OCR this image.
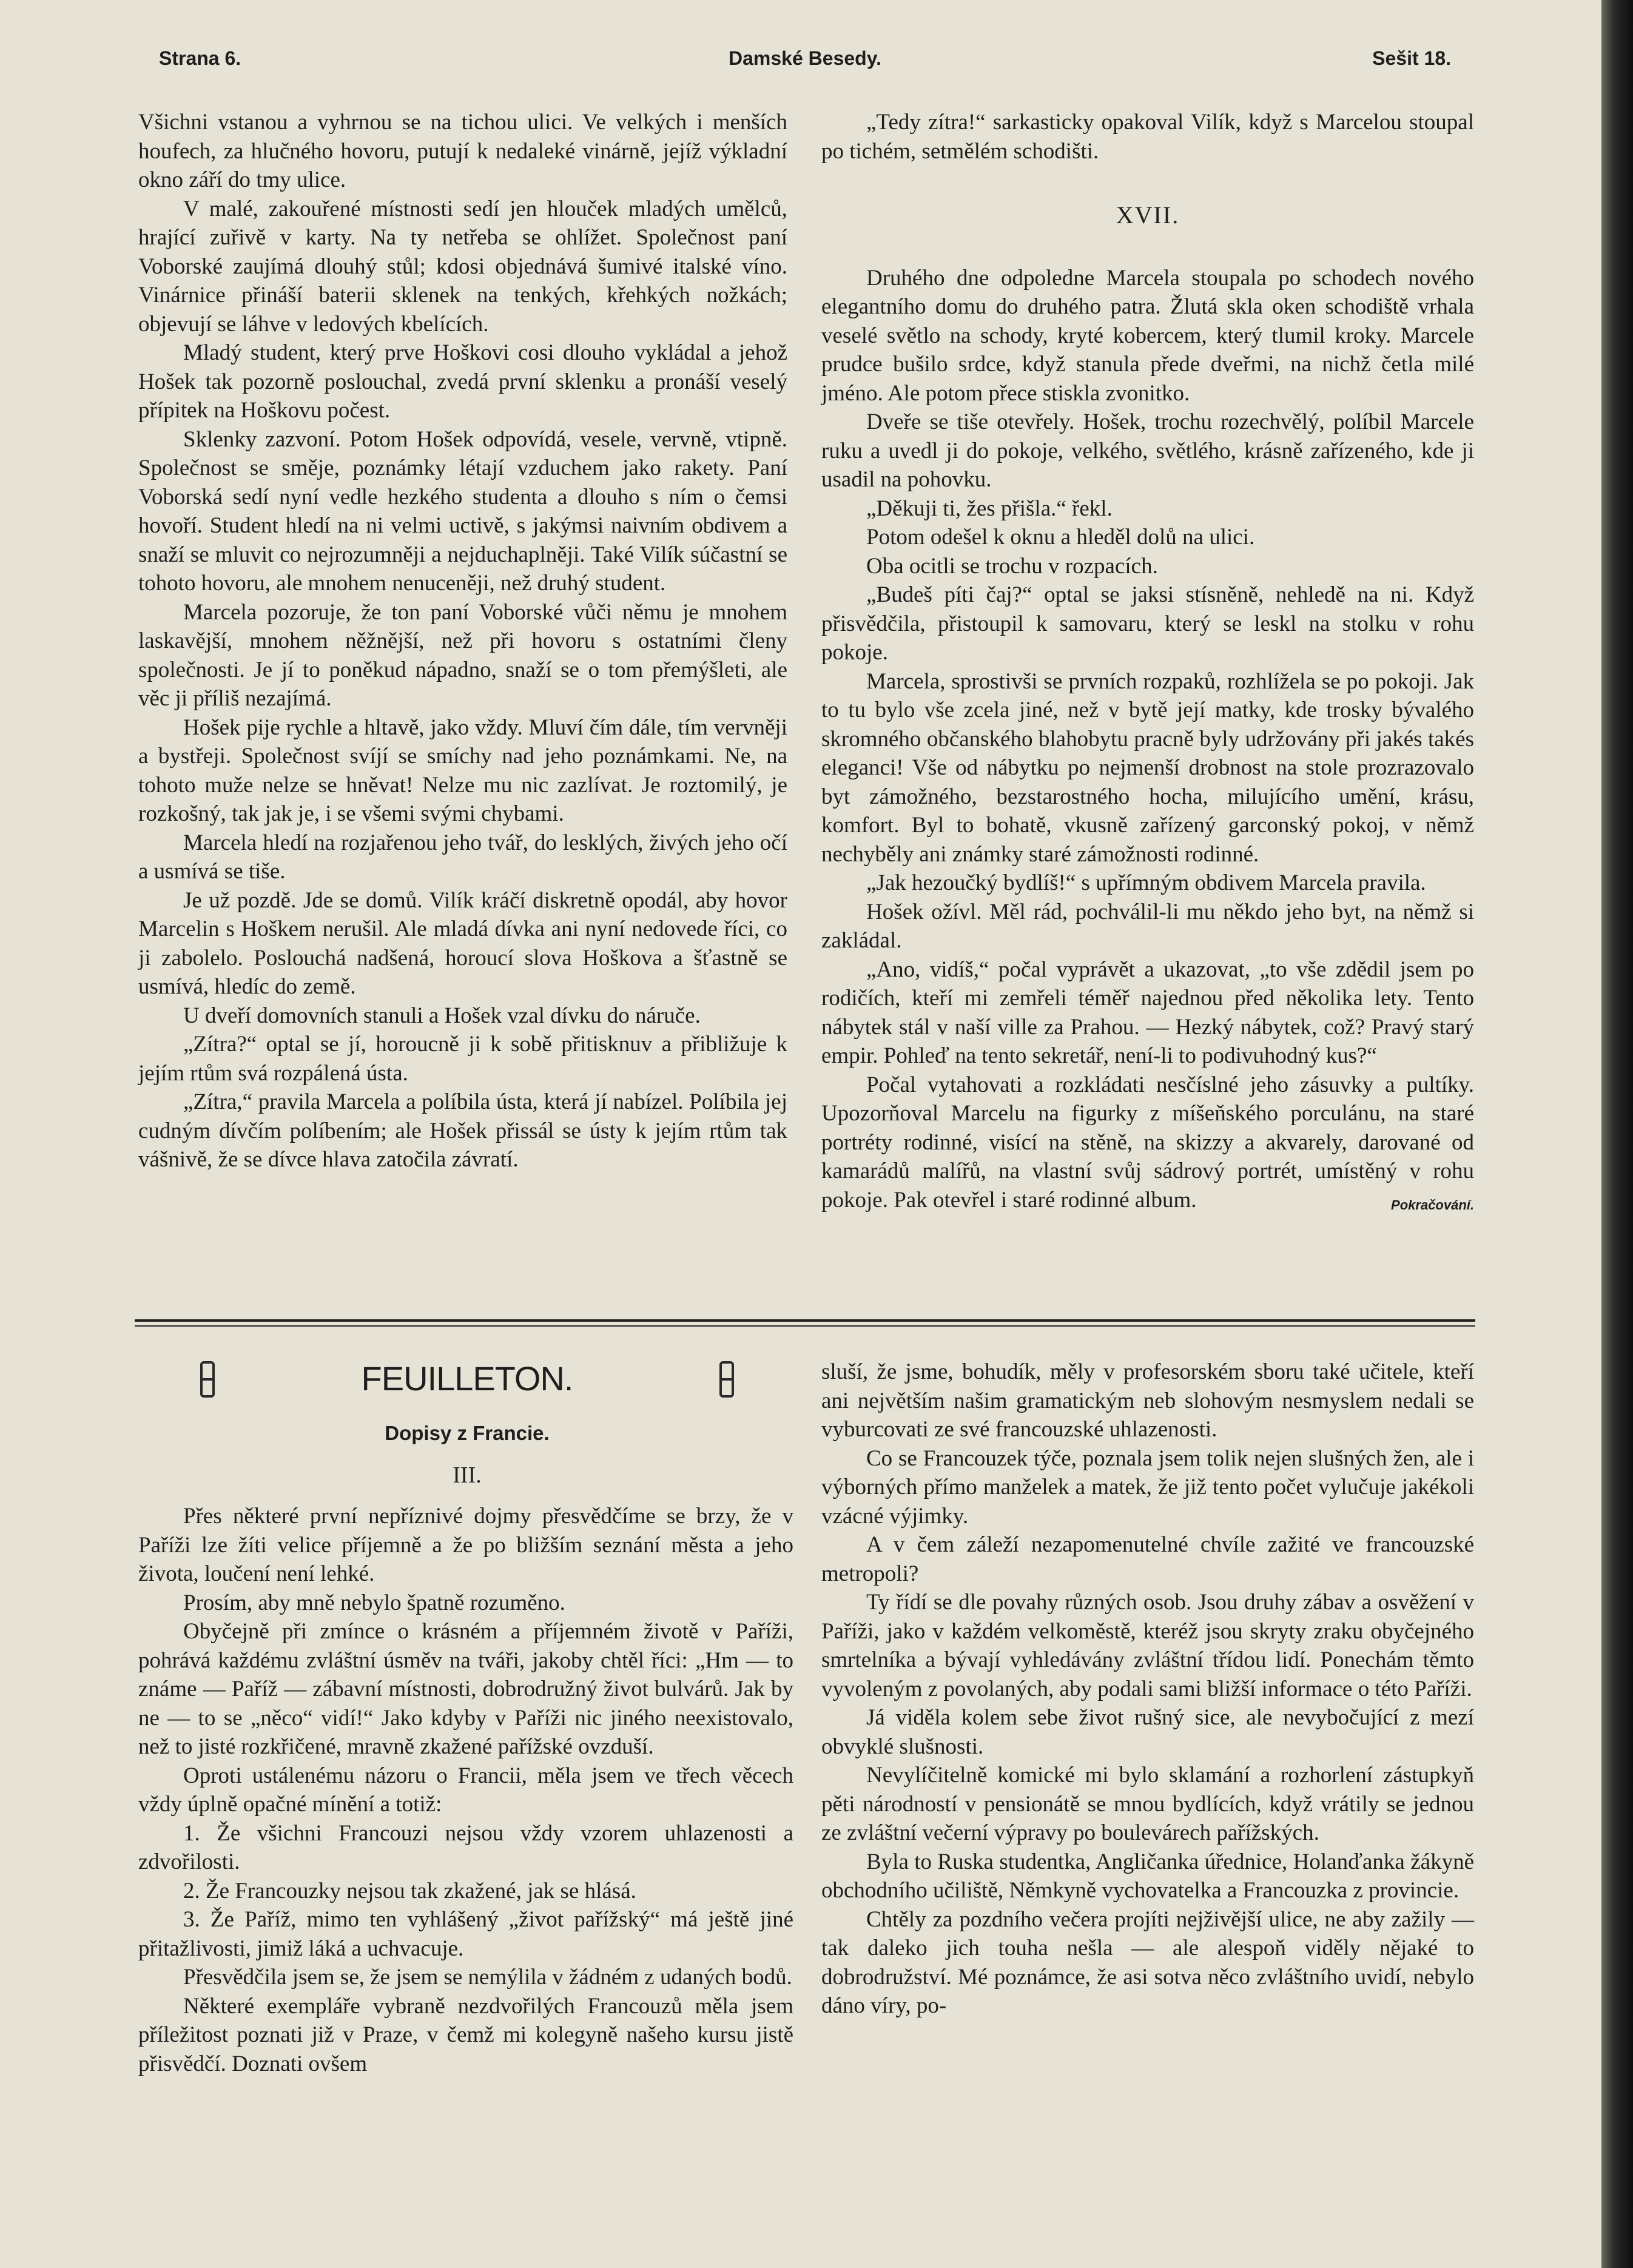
Damské Besedy.
Strana 6.	Sešit 18.

Všichni vstanou a vyhrnou se na tichou ulici. Ve velkých i menších houfech, za hlučného hovoru, putují k nedaleké vinárně, jejíž výkladní okno září do tmy ulice.

V malé, zakouřené místnosti sedí jen hlouček mladých umělců, hrající zuřivě v karty. Na ty netřeba se ohlížet. Společnost paní Voborské zaujímá dlouhý stůl; kdosi objednává šumivé italské víno. Vinárnice přináší baterii sklenek na tenkých, křehkých nožkách; objevují se láhve v ledových kbelících.

Mladý student, který prve Hoškovi cosi dlouho vykládal a jehož Hošek tak pozorně poslouchal, zvedá první sklenku a pronáší veselý přípitek na Hoškovu počest.

Sklenky zazvoní. Potom Hošek odpovídá, vesele, vervně, vtipně. Společnost se směje, poznámky létají vzduchem jako rakety. Paní Voborská sedí nyní vedle hezkého studenta a dlouho s ním o čemsi hovoří. Student hledí na ni velmi uctivě, s jakýmsi naivním obdivem a snaží se mluvit co nejrozumněji a nejduchaplněji. Také Vilík súčastní se tohoto hovoru, ale mnohem nenuceněji, než druhý student.

Marcela pozoruje, že ton paní Voborské vůči němu je mnohem laskavější, mnohem něžnější, než při hovoru s ostatními členy společnosti. Je jí to poněkud nápadno, snaží se o tom přemýšleti, ale věc ji příliš nezajímá.

Hošek pije rychle a hltavě, jako vždy. Mluví čím dále, tím vervněji a bystřeji. Společnost svíjí se smíchy nad jeho poznámkami. Ne, na tohoto muže nelze se hněvat! Nelze mu nic zazlívat. Je roztomilý, je rozkošný, tak jak je, i se všemi svými chybami.

Marcela hledí na rozjařenou jeho tvář, do lesklých, živých jeho očí a usmívá se tiše.

Je už pozdě. Jde se domů. Vilík kráčí diskretně opodál, aby hovor Marcelin s Hoškem nerušil. Ale mladá dívka ani nyní nedovede říci, co ji zabolelo. Poslouchá nadšená, horoucí slova Hoškova a šťastně se usmívá, hledíc do země.

U dveří domovních stanuli a Hošek vzal dívku do náruče.

„Zítra?“ optal se jí, horoucně ji k sobě přitisknuv a přibližuje k jejím rtům svá rozpálená ústa.

„Zítra,“ pravila Marcela a políbila ústa, která jí nabízel. Políbila jej cudným dívčím políbením; ale Hošek přissál se ústy k jejím rtům tak vášnivě, že se dívce hlava zatočila závratí.

„Tedy zítra!“ sarkasticky opakoval Vilík, když s Marcelou stoupal po tichém, setmělém schodišti.

XVII.

Druhého dne odpoledne Marcela stoupala po schodech nového elegantního domu do druhého patra. Žlutá skla oken schodiště vrhala veselé světlo na schody, kryté kobercem, který tlumil kroky. Marcele prudce bušilo srdce, když stanula přede dveřmi, na nichž četla milé jméno. Ale potom přece stiskla zvonitko.

Dveře se tiše otevřely. Hošek, trochu rozechvělý, políbil Marcele ruku a uvedl ji do pokoje, velkého, světlého, krásně zařízeného, kde ji usadil na pohovku.

„Děkuji ti, žes přišla.“ řekl.

Potom odešel k oknu a hleděl dolů na ulici.

Oba ocitli se trochu v rozpacích.

„Budeš píti čaj?“ optal se jaksi stísněně, nehledě na ni. Když přisvědčila, přistoupil k samovaru, který se leskl na stolku v rohu pokoje.

Marcela, sprostivši se prvních rozpaků, rozhlížela se po pokoji. Jak to tu bylo vše zcela jiné, než v bytě její matky, kde trosky bývalého skromného občanského blahobytu pracně byly udržovány při jakés takés eleganci! Vše od nábytku po nejmenší drobnost na stole prozrazovalo byt zámožného, bezstarostného hocha, milujícího umění, krásu, komfort. Byl to bohatě, vkusně zařízený garconský pokoj, v němž nechyběly ani známky staré zámožnosti rodinné.

„Jak hezoučký bydlíš!“ s upřímným obdivem Marcela pravila.

Hošek ožívl. Měl rád, pochválil-li mu někdo jeho byt, na němž si zakládal.

„Ano, vidíš,“ počal vyprávět a ukazovat, „to vše zdědil jsem po rodičích, kteří mi zemřeli téměř najednou před několika lety. Tento nábytek stál v naší ville za Prahou. — Hezký nábytek, což? Pravý starý empir. Pohleď na tento sekretář, není-li to podivuhodný kus?“

Počal vytahovati a rozkládati nesčíslné jeho zásuvky a pultíky. Upozorňoval Marcelu na figurky z míšeňského porculánu, na staré portréty rodinné, visící na stěně, na skizzy a akvarely, darované od kamarádů malířů, na vlastní svůj sádrový portrét, umístěný v rohu pokoje. Pak otevřel i staré rodinné album.	Pokračování.

FEUILLETON.
Dopisy z Francie.
III.

Přes některé první nepříznivé dojmy přesvědčíme se brzy, že v Paříži lze žíti velice příjemně a že po bližším seznání města a jeho života, loučení není lehké.

Prosím, aby mně nebylo špatně rozuměno.

Obyčejně při zmínce o krásném a příjemném životě v Paříži, pohrává každému zvláštní úsměv na tváři, jakoby chtěl říci: „Hm — to známe — Paříž — zábavní místnosti, dobrodružný život bulvárů. Jak by ne — to se „něco“ vidí!“ Jako kdyby v Paříži nic jiného neexistovalo, než to jisté rozkřičené, mravně zkažené pařížské ovzduší.

Oproti ustálenému názoru o Francii, měla jsem ve třech věcech vždy úplně opačné mínění a totiž:

1. Že všichni Francouzi nejsou vždy vzorem uhlazenosti a zdvořilosti.

2. Že Francouzky nejsou tak zkažené, jak se hlásá.

3. Že Paříž, mimo ten vyhlášený „život pařížský“ má ještě jiné přitažlivosti, jimiž láká a uchvacuje.

Přesvědčila jsem se, že jsem se nemýlila v žádném z udaných bodů.

Některé exempláře vybraně nezdvořilých Francouzů měla jsem příležitost poznati již v Praze, v čemž mi kolegyně našeho kursu jistě přisvědčí. Doznati ovšem

sluší, že jsme, bohudík, měly v profesorském sboru také učitele, kteří ani největším našim gramatickým neb slohovým nesmyslem nedali se vyburcovati ze své francouzské uhlazenosti.

Co se Francouzek týče, poznala jsem tolik nejen slušných žen, ale i výborných přímo manželek a matek, že již tento počet vylučuje jakékoli vzácné výjimky.

A v čem záleží nezapomenutelné chvíle zažité ve francouzské metropoli?

Ty řídí se dle povahy různých osob. Jsou druhy zábav a osvěžení v Paříži, jako v každém velkoměstě, kteréž jsou skryty zraku obyčejného smrtelníka a bývají vyhledávány zvláštní třídou lidí. Ponechám těmto vyvoleným z povolaných, aby podali sami bližší informace o této Paříži.

Já viděla kolem sebe život rušný sice, ale nevybočující z mezí obvyklé slušnosti.

Nevylíčitelně komické mi bylo sklamání a rozhorlení zástupkyň pěti národností v pensionátě se mnou bydlících, když vrátily se jednou ze zvláštní večerní výpravy po boulevárech pařížských.

Byla to Ruska studentka, Angličanka úřednice, Holanďanka žákyně obchodního učiliště, Němkyně vychovatelka a Francouzka z provincie.

Chtěly za pozdního večera projíti nejživější ulice, ne aby zažily — tak daleko jich touha nešla — ale alespoň viděly nějaké to dobrodružství. Mé poznámce, že asi sotva něco zvláštního uvidí, nebylo dáno víry, po-
